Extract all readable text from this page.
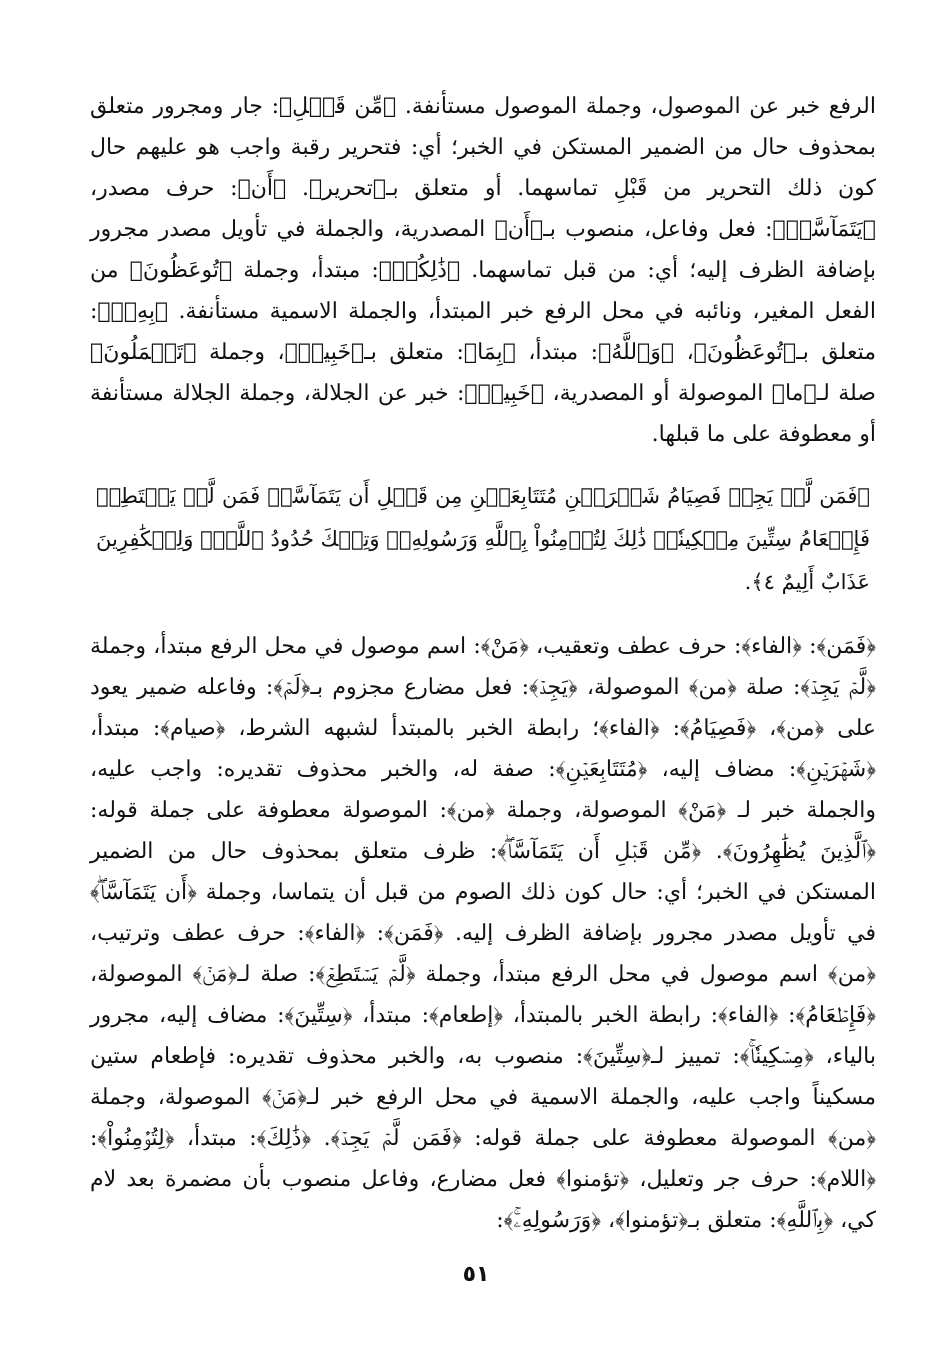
الرفع خبر عن الموصول، وجملة الموصول مستأنفة. ﴿مِّن قَبۡلِ﴾: جار ومجرور متعلق بمحذوف حال من الضمير المستكن في الخبر؛ أي: فتحرير رقبة واجب هو عليهم حال كون ذلك التحرير من قَبْلِ تماسهما. أو متعلق بـ﴿تحرير﴾. ﴿أَن﴾: حرف مصدر، ﴿يَتَمَآسَّاۚ﴾: فعل وفاعل، منصوب بـ﴿أَن﴾ المصدرية، والجملة في تأويل مصدر مجرور بإضافة الظرف إليه؛ أي: من قبل تماسهما. ﴿ذَٰلِكُمۡ﴾: مبتدأ، وجملة ﴿تُوعَظُونَ﴾ من الفعل المغير، ونائبه في محل الرفع خبر المبتدأ، والجملة الاسمية مستأنفة. ﴿بِهِۦۚ﴾: متعلق بـ﴿تُوعَظُونَ﴾، ﴿وَٱللَّهُ﴾: مبتدأ، ﴿بِمَا﴾: متعلق بـ﴿خَبِيرٞ﴾، وجملة ﴿تَعۡمَلُونَ﴾ صلة لـ﴿ما﴾ الموصولة أو المصدرية، ﴿خَبِيرٞ﴾: خبر عن الجلالة، وجملة الجلالة مستأنفة أو معطوفة على ما قبلها.

﴿فَمَن لَّمۡ يَجِدۡ فَصِيَامُ شَهۡرَيۡنِ مُتَتَابِعَيۡنِ مِن قَبۡلِ أَن يَتَمَآسَّاۖ فَمَن لَّمۡ يَسۡتَطِعۡ فَإِطۡعَامُ سِتِّينَ مِسۡكِينٗاۚ ذَٰلِكَ لِتُؤۡمِنُواْ بِٱللَّهِ وَرَسُولِهِۦۚ وَتِلۡكَ حُدُودُ ٱللَّهِۗ وَلِلۡكَٰفِرِينَ عَذَابٌ أَلِيمٌ ٤﴾.

﴿فَمَن﴾: ﴿الفاء﴾: حرف عطف وتعقيب، ﴿مَنْ﴾: اسم موصول في محل الرفع مبتدأ، وجملة ﴿لَّمۡ يَجِدۡ﴾: صلة ﴿من﴾ الموصولة، ﴿يَجِدۡ﴾: فعل مضارع مجزوم بـ﴿لَمۡ﴾: وفاعله ضمير يعود على ﴿من﴾، ﴿فَصِيَامُ﴾: ﴿الفاء﴾؛ رابطة الخبر بالمبتدأ لشبهه الشرط، ﴿صيام﴾: مبتدأ، ﴿شَهۡرَيۡنِ﴾: مضاف إليه، ﴿مُتَتَابِعَيۡنِ﴾: صفة له، والخبر محذوف تقديره: واجب عليه، والجملة خبر لـ ﴿مَنْ﴾ الموصولة، وجملة ﴿من﴾: الموصولة معطوفة على جملة قوله: ﴿ٱلَّذِينَ يُظَٰهِرُونَ﴾. ﴿مِّن قَبۡلِ أَن يَتَمَآسَّاۖ﴾: ظرف متعلق بمحذوف حال من الضمير المستكن في الخبر؛ أي: حال كون ذلك الصوم من قبل أن يتماسا، وجملة ﴿أَن يَتَمَآسَّاۖ﴾ في تأويل مصدر مجرور بإضافة الظرف إليه. ﴿فَمَن﴾: ﴿الفاء﴾: حرف عطف وترتيب، ﴿من﴾ اسم موصول في محل الرفع مبتدأ، وجملة ﴿لَّمۡ يَسۡتَطِعۡ﴾: صلة لـ﴿مَنۡ﴾ الموصولة، ﴿فَإِطۡعَامُ﴾: ﴿الفاء﴾: رابطة الخبر بالمبتدأ، ﴿إطعام﴾: مبتدأ، ﴿سِتِّينَ﴾: مضاف إليه، مجرور بالياء، ﴿مِسۡكِينٗاۚ﴾: تمييز لـ﴿سِتِّينَ﴾: منصوب به، والخبر محذوف تقديره: فإطعام ستين مسكيناً واجب عليه، والجملة الاسمية في محل الرفع خبر لـ﴿مَنۡ﴾ الموصولة، وجملة ﴿من﴾ الموصولة معطوفة على جملة قوله: ﴿فَمَن لَّمۡ يَجِدۡ﴾. ﴿ذَٰلِكَ﴾: مبتدأ، ﴿لِتُؤۡمِنُواْ﴾: ﴿اللام﴾: حرف جر وتعليل، ﴿تؤمنوا﴾ فعل مضارع، وفاعل منصوب بأن مضمرة بعد لام كي، ﴿بِٱللَّهِ﴾: متعلق بـ﴿تؤمنوا﴾، ﴿وَرَسُولِهِۦۚ﴾:

٥١
